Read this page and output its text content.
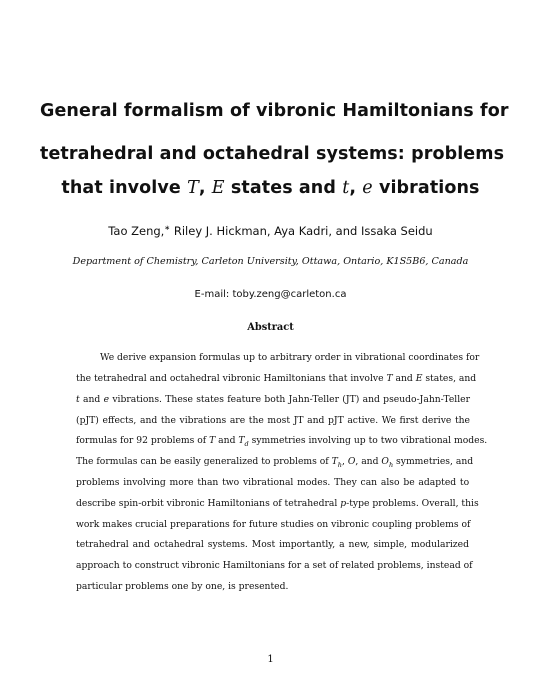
General formalism of vibronic Hamiltonians for
tetrahedral and octahedral systems: problems
that involve T, E states and t, e vibrations
Tao Zeng,∗ Riley J. Hickman, Aya Kadri, and Issaka Seidu
Department of Chemistry, Carleton University, Ottawa, Ontario, K1S5B6, Canada
E-mail: toby.zeng@carleton.ca
Abstract
We derive expansion formulas up to arbitrary order in vibrational coordinates for
the tetrahedral and octahedral vibronic Hamiltonians that involve T and E states, and
t and e vibrations. These states feature both Jahn-Teller (JT) and pseudo-Jahn-Teller
(pJT) effects, and the vibrations are the most JT and pJT active. We first derive the
formulas for 92 problems of T and $T_d$ symmetries involving up to two vibrational modes.
The formulas can be easily generalized to problems of $T_h$, O, and $O_h$ symmetries, and
problems involving more than two vibrational modes. They can also be adapted to
describe spin-orbit vibronic Hamiltonians of tetrahedral p-type problems. Overall, this
work makes crucial preparations for future studies on vibronic coupling problems of
tetrahedral and octahedral systems. Most importantly, a new, simple, modularized
approach to construct vibronic Hamiltonians for a set of related problems, instead of
particular problems one by one, is presented.
1
